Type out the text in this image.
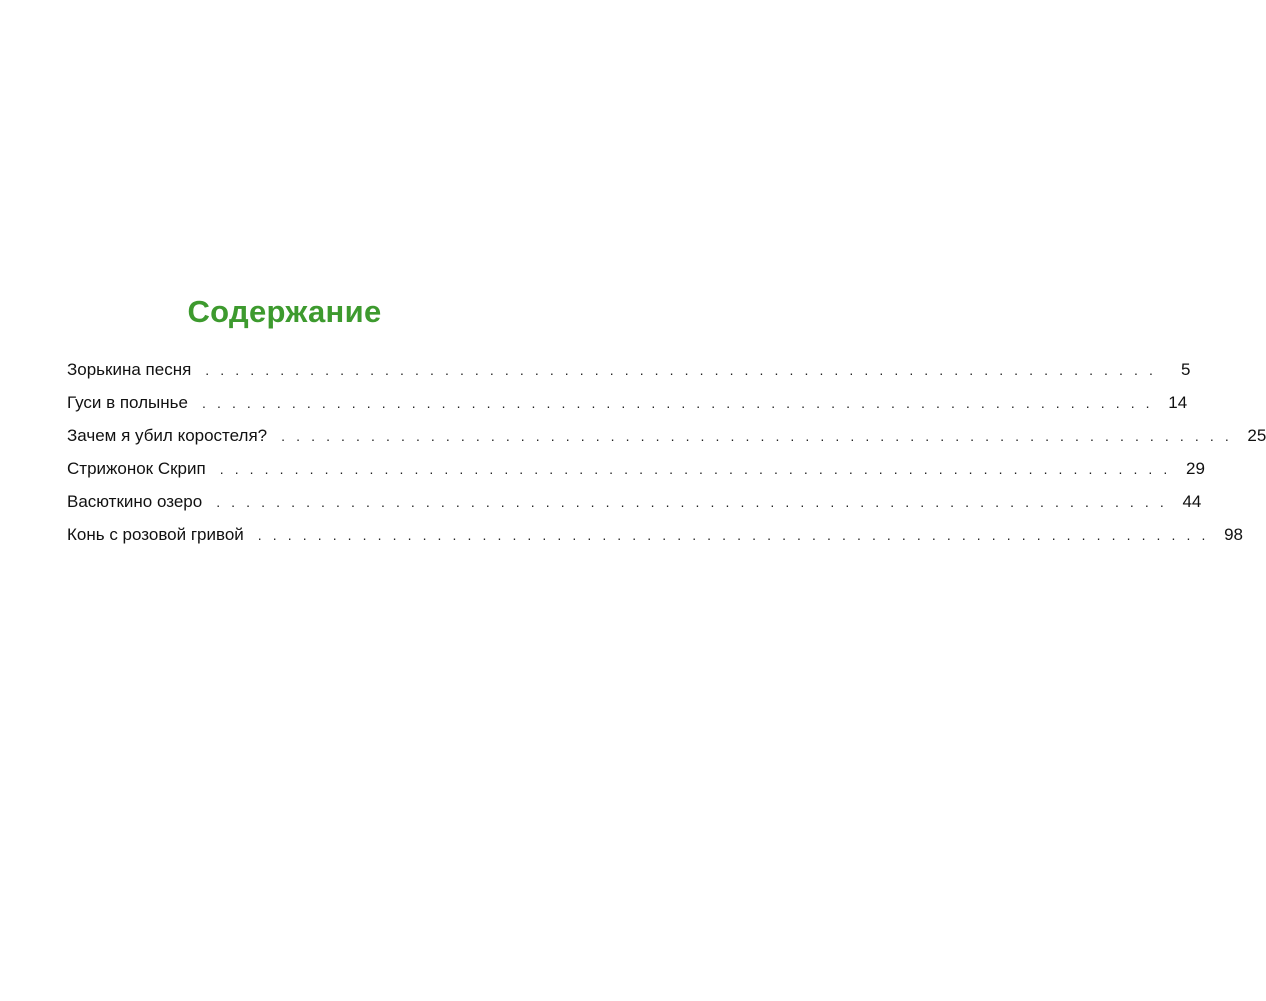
Содержание
Зорькина песня . . . . . . . . . . . . . . . . . . . . . . . . . . . . . . . . . . . . . . . . . . . . . . . . . . . . . . . . . . . . . . . .	5
Гуси в полынье . . . . . . . . . . . . . . . . . . . . . . . . . . . . . . . . . . . . . . . . . . . . . . . . . . . . . . . . . . . . . . . . 14
Зачем я убил коростеля? . . . . . . . . . . . . . . . . . . . . . . . . . . . . . . . . . . . . . . . . . . . . . . . . . . . . . . . . . . . . . . . . 25
Стрижонок Скрип . . . . . . . . . . . . . . . . . . . . . . . . . . . . . . . . . . . . . . . . . . . . . . . . . . . . . . . . . . . . . . . . 29
Васюткино озеро . . . . . . . . . . . . . . . . . . . . . . . . . . . . . . . . . . . . . . . . . . . . . . . . . . . . . . . . . . . . . . . . 44
Конь с розовой гривой . . . . . . . . . . . . . . . . . . . . . . . . . . . . . . . . . . . . . . . . . . . . . . . . . . . . . . . . . . . . . . . . 98
